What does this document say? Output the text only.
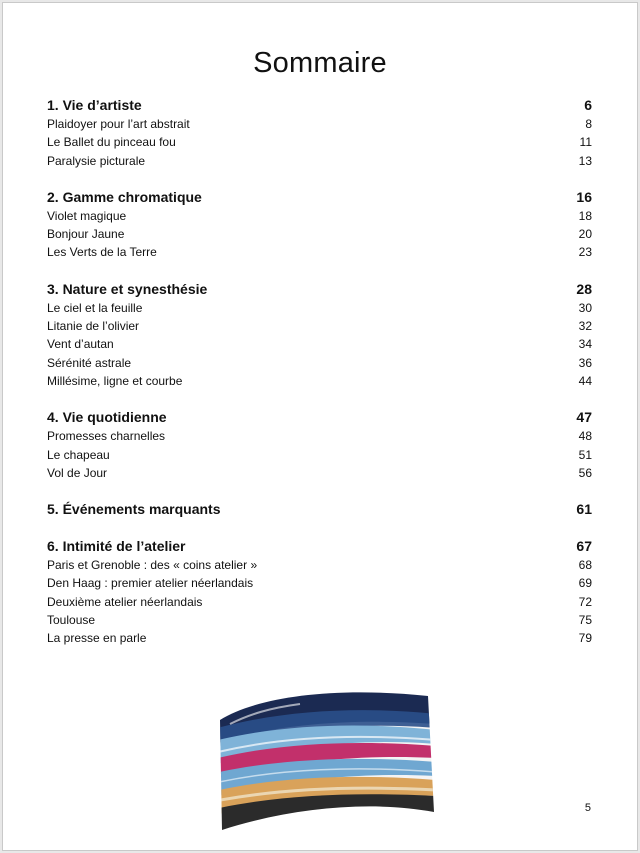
Sommaire
1. Vie d’artiste	6
Plaidoyer pour l’art abstrait	8
Le Ballet du pinceau fou	11
Paralysie picturale	13
2. Gamme chromatique	16
Violet magique	18
Bonjour Jaune	20
Les Verts de la Terre	23
3. Nature et synesthésie	28
Le ciel et la feuille	30
Litanie de l’olivier	32
Vent d’autan	34
Sérénité astrale	36
Millésime, ligne et courbe	44
4. Vie quotidienne	47
Promesses charnelles	48
Le chapeau	51
Vol de Jour	56
5. Événements marquants	61
6. Intimité de l’atelier	67
Paris et Grenoble : des « coins atelier »	68
Den Haag : premier atelier néerlandais	69
Deuxième atelier néerlandais	72
Toulouse	75
La presse en parle	79
5
